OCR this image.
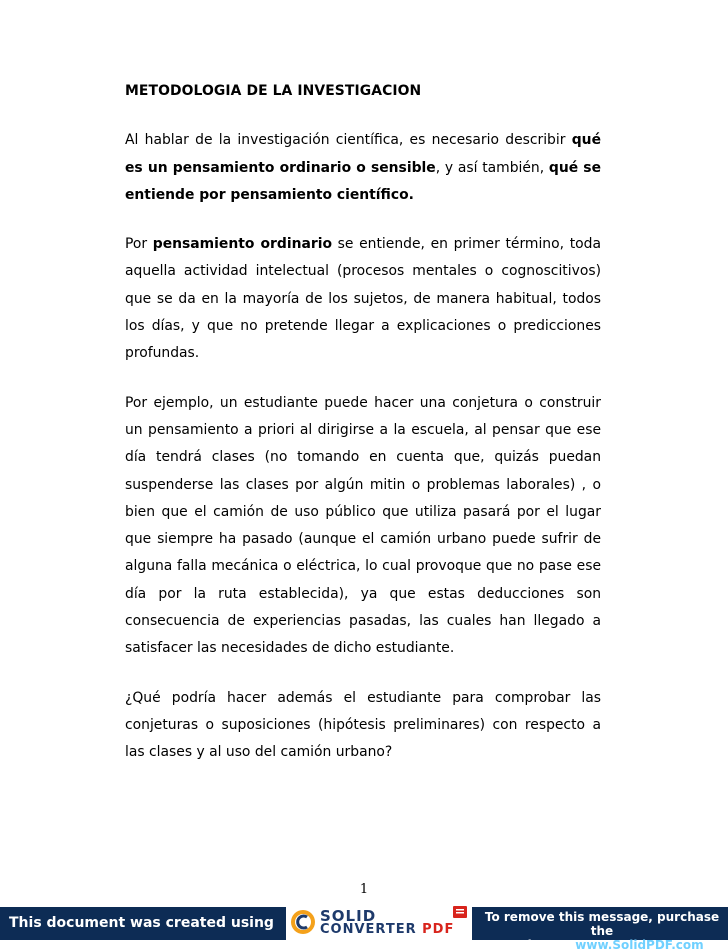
METODOLOGIA DE LA INVESTIGACION

Al hablar de la investigación científica, es necesario describir qué es un pensamiento ordinario o sensible, y así también, qué se entiende por pensamiento científico.

Por pensamiento ordinario se entiende, en primer término, toda aquella actividad intelectual (procesos mentales o cognoscitivos) que se da en la mayoría de los sujetos, de manera habitual, todos los días, y que no pretende llegar a explicaciones o predicciones profundas.

Por ejemplo, un estudiante puede hacer una conjetura o construir un pensamiento a priori al dirigirse a la escuela, al pensar que ese día tendrá clases (no tomando en cuenta que, quizás puedan suspenderse las clases por algún mitin o problemas laborales) , o bien que el camión de uso público que utiliza pasará por el lugar que siempre ha pasado (aunque el camión urbano puede sufrir de alguna falla mecánica o eléctrica, lo cual provoque que no pase ese día por la ruta establecida), ya que estas deducciones son consecuencia de experiencias pasadas, las cuales han llegado a satisfacer las necesidades de dicho estudiante.

¿Qué podría hacer además el estudiante para comprobar las conjeturas o suposiciones (hipótesis preliminares) con respecto a las clases y al uso del camión urbano?

1
This document was created using	To remove this message, purchase the
product at www.SolidPDF.com
SOLID
CONVERTER PDF
